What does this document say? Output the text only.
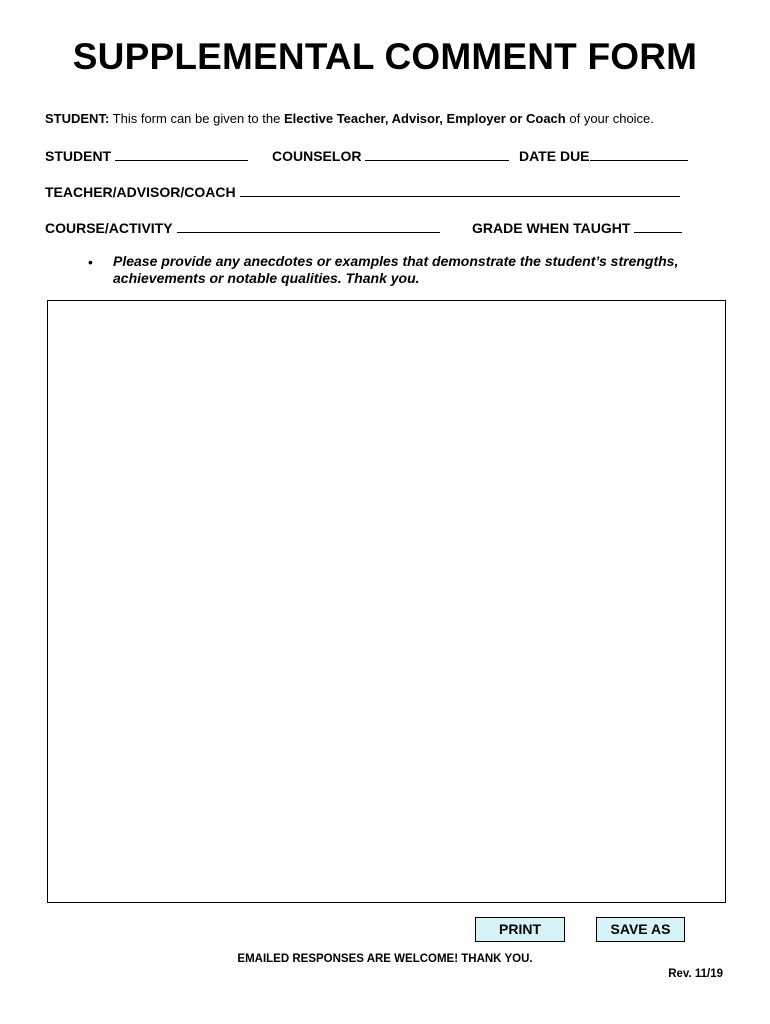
SUPPLEMENTAL COMMENT FORM
STUDENT: This form can be given to the Elective Teacher, Advisor, Employer or Coach of your choice.
STUDENT	COUNSELOR	DATE DUE
TEACHER/ADVISOR/COACH
COURSE/ACTIVITY	GRADE WHEN TAUGHT
• Please provide any anecdotes or examples that demonstrate the student’s strengths, achievements or notable qualities. Thank you.
PRINT	SAVE AS
EMAILED RESPONSES ARE WELCOME! THANK YOU.
Rev. 11/19
